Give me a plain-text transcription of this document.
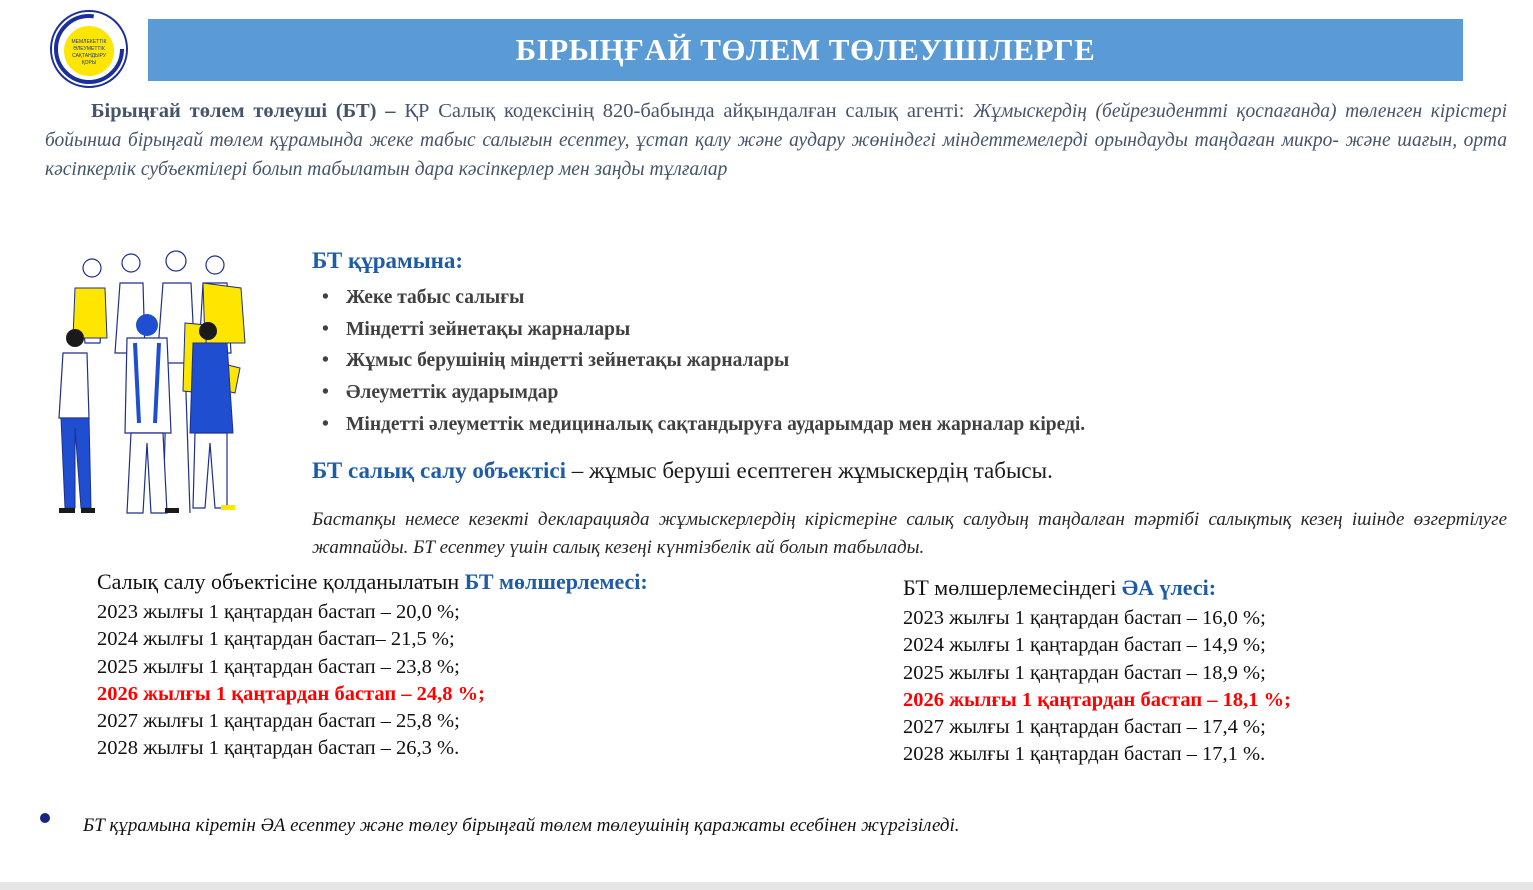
МЕМЛЕКЕТТІК
ӘЛЕУМЕТТІК
САҚТАНДЫРУ
ҚОРЫ	БІРЫҢҒАЙ ТӨЛЕМ ТӨЛЕУШІЛЕРГЕ
Бірыңғай төлем төлеуші (БТ) – ҚР Салық кодексінің 820-бабында айқындалған салық агенті: Жұмыскердің (бейрезидентті қоспағанда) төленген кірістері бойынша бірыңғай төлем құрамында жеке табыс салығын есептеу, ұстап қалу және аудару жөніндегі міндеттемелерді орындауды таңдаған микро- және шағын, орта кәсіпкерлік субъектілері болып табылатын дара кәсіпкерлер мен заңды тұлғалар
БТ құрамына:
• Жеке табыс салығы
• Міндетті зейнетақы жарналары
• Жұмыс берушінің міндетті зейнетақы жарналары
• Әлеуметтік аударымдар
• Міндетті әлеуметтік медициналық сақтандыруға аударымдар мен жарналар кіреді.
БТ салық салу объектісі – жұмыс беруші есептеген жұмыскердің табысы.
Бастапқы немесе кезекті декларацияда жұмыскерлердің кірістеріне салық салудың таңдалған тәртібі салықтық кезең ішінде өзгертілуге жатпайды. БТ есептеу үшін салық кезеңі күнтізбелік ай болып табылады.
Салық салу объектісіне қолданылатын БТ мөлшерлемесі:
2023 жылғы 1 қаңтардан бастап – 20,0 %;
2024 жылғы 1 қаңтардан бастап– 21,5 %;
2025 жылғы 1 қаңтардан бастап – 23,8 %;
2026 жылғы 1 қаңтардан бастап – 24,8 %;
2027 жылғы 1 қаңтардан бастап – 25,8 %;
2028 жылғы 1 қаңтардан бастап – 26,3 %.
БТ мөлшерлемесіндегі ӘА үлесі:
2023 жылғы 1 қаңтардан бастап – 16,0 %;
2024 жылғы 1 қаңтардан бастап – 14,9 %;
2025 жылғы 1 қаңтардан бастап – 18,9 %;
2026 жылғы 1 қаңтардан бастап – 18,1 %;
2027 жылғы 1 қаңтардан бастап – 17,4 %;
2028 жылғы 1 қаңтардан бастап – 17,1 %.
БТ құрамына кіретін ӘА есептеу және төлеу бірыңғай төлем төлеушінің қаражаты есебінен жүргізіледі.
